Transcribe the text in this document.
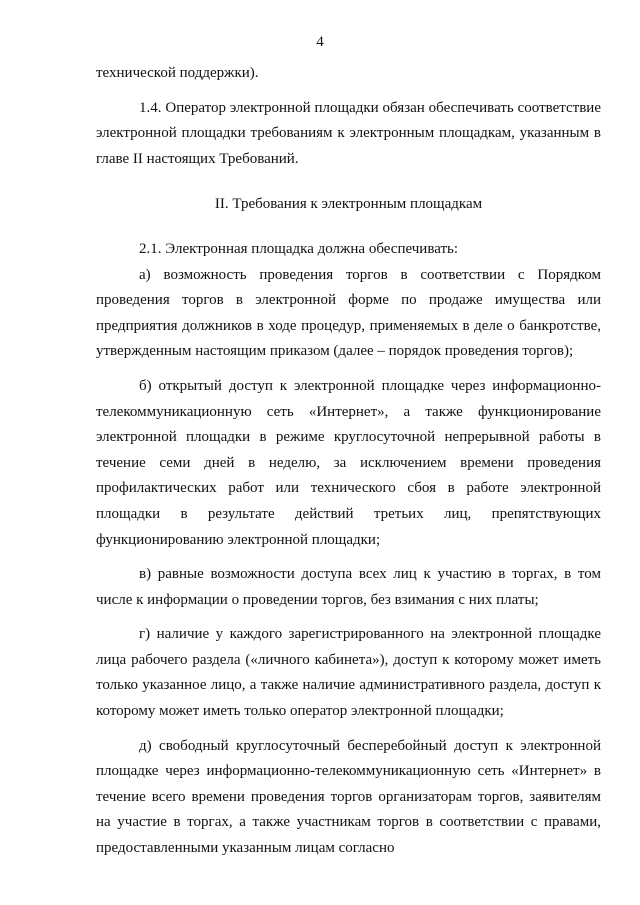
4

технической поддержки).

1.4. Оператор электронной площадки обязан обеспечивать соответствие электронной площадки требованиям к электронным площадкам, указанным в главе II настоящих Требований.

II. Требования к электронным площадкам

2.1. Электронная площадка должна обеспечивать:

а) возможность проведения торгов в соответствии с Порядком проведения торгов в электронной форме по продаже имущества или предприятия должников в ходе процедур, применяемых в деле о банкротстве, утвержденным настоящим приказом (далее – порядок проведения торгов);

б) открытый доступ к электронной площадке через информационно-телекоммуникационную сеть «Интернет», а также функционирование электронной площадки в режиме круглосуточной непрерывной работы в течение семи дней в неделю, за исключением времени проведения профилактических работ или технического сбоя в работе электронной площадки в результате действий третьих лиц, препятствующих функционированию электронной площадки;

в) равные возможности доступа всех лиц к участию в торгах, в том числе к информации о проведении торгов, без взимания с них платы;

г) наличие у каждого зарегистрированного на электронной площадке лица рабочего раздела («личного кабинета»), доступ к которому может иметь только указанное лицо, а также наличие административного раздела, доступ к которому может иметь только оператор электронной площадки;

д) свободный круглосуточный бесперебойный доступ к электронной площадке через информационно-телекоммуникационную сеть «Интернет» в течение всего времени проведения торгов организаторам торгов, заявителям на участие в торгах, а также участникам торгов в соответствии с правами, предоставленными указанным лицам согласно
